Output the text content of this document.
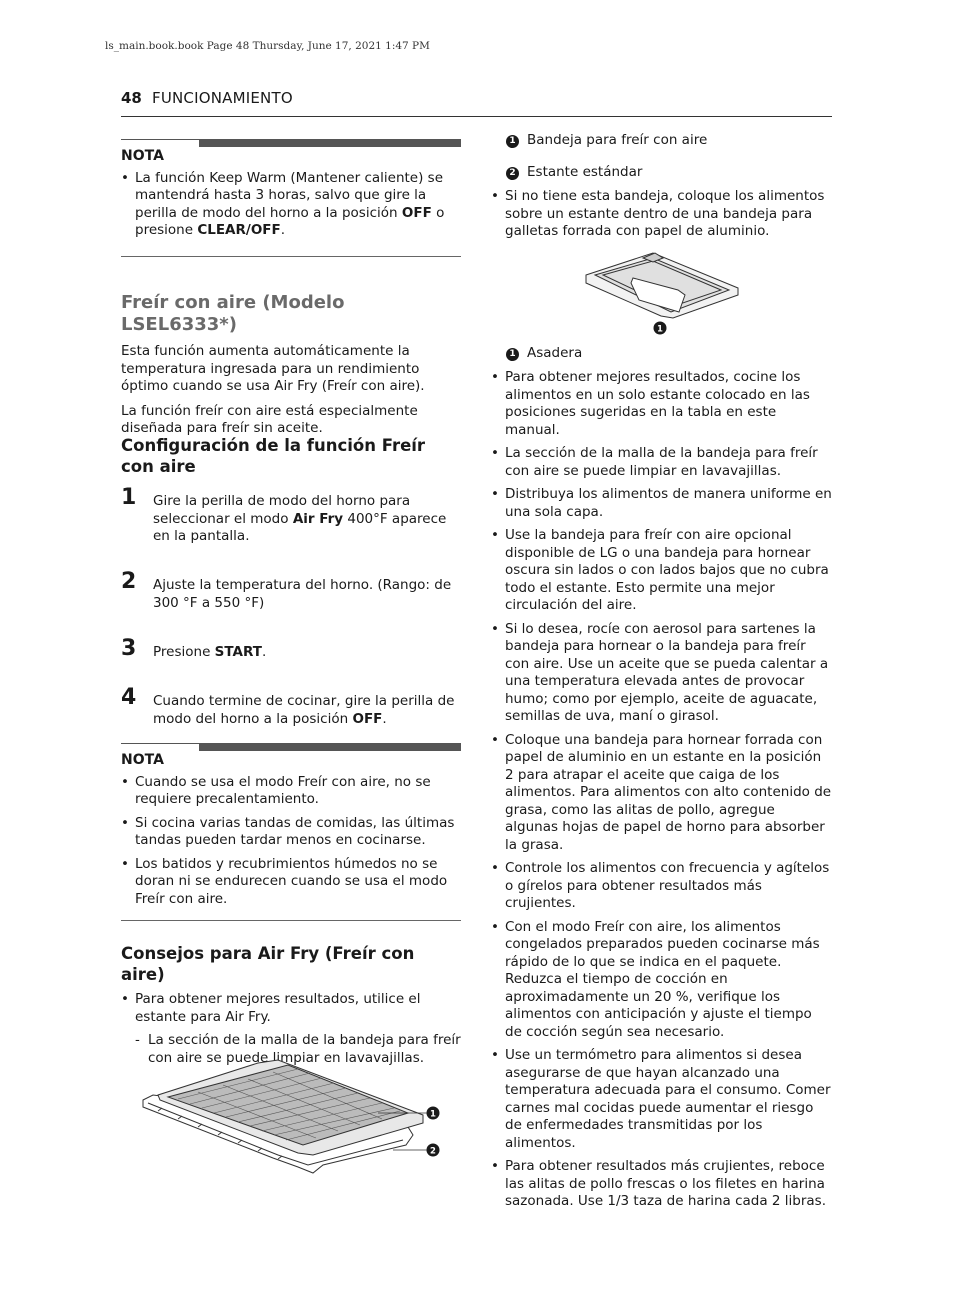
ls_main.book.book Page 48 Thursday, June 17, 2021 1:47 PM
48 FUNCIONAMIENTO
NOTA
• La función Keep Warm (Mantener caliente) se mantendrá hasta 3 horas, salvo que gire la perilla de modo del horno a la posición OFF o presione CLEAR/OFF.
Freír con aire (Modelo LSEL6333*)

Esta función aumenta automáticamente la temperatura ingresada para un rendimiento óptimo cuando se usa Air Fry (Freír con aire).

La función freír con aire está especialmente diseñada para freír sin aceite.

Configuración de la función Freír con aire
1 Gire la perilla de modo del horno para seleccionar el modo Air Fry 400°F aparece en la pantalla.
2 Ajuste la temperatura del horno. (Rango: de 300 °F a 550 °F)
3 Presione START.
4 Cuando termine de cocinar, gire la perilla de modo del horno a la posición OFF.
NOTA
• Cuando se usa el modo Freír con aire, no se requiere precalentamiento.
• Si cocina varias tandas de comidas, las últimas tandas pueden tardar menos en cocinarse.
• Los batidos y recubrimientos húmedos no se doran ni se endurecen cuando se usa el modo Freír con aire.
Consejos para Air Fry (Freír con aire)
• Para obtener mejores resultados, utilice el estante para Air Fry.
- La sección de la malla de la bandeja para freír con aire se puede limpiar en lavavajillas.
1
2
1 Bandeja para freír con aire
2 Estante estándar
• Si no tiene esta bandeja, coloque los alimentos sobre un estante dentro de una bandeja para galletas forrada con papel de aluminio.
1
1 Asadera
• Para obtener mejores resultados, cocine los alimentos en un solo estante colocado en las posiciones sugeridas en la tabla en este manual.
• La sección de la malla de la bandeja para freír con aire se puede limpiar en lavavajillas.
• Distribuya los alimentos de manera uniforme en una sola capa.
• Use la bandeja para freír con aire opcional disponible de LG o una bandeja para hornear oscura sin lados o con lados bajos que no cubra todo el estante. Esto permite una mejor circulación del aire.
• Si lo desea, rocíe con aerosol para sartenes la bandeja para hornear o la bandeja para freír con aire. Use un aceite que se pueda calentar a una temperatura elevada antes de provocar humo; como por ejemplo, aceite de aguacate, semillas de uva, maní o girasol.
• Coloque una bandeja para hornear forrada con papel de aluminio en un estante en la posición 2 para atrapar el aceite que caiga de los alimentos. Para alimentos con alto contenido de grasa, como las alitas de pollo, agregue algunas hojas de papel de horno para absorber la grasa.
• Controle los alimentos con frecuencia y agítelos o gírelos para obtener resultados más crujientes.
• Con el modo Freír con aire, los alimentos congelados preparados pueden cocinarse más rápido de lo que se indica en el paquete. Reduzca el tiempo de cocción en aproximadamente un 20 %, verifique los alimentos con anticipación y ajuste el tiempo de cocción según sea necesario.
• Use un termómetro para alimentos si desea asegurarse de que hayan alcanzado una temperatura adecuada para el consumo. Comer carnes mal cocidas puede aumentar el riesgo de enfermedades transmitidas por los alimentos.
• Para obtener resultados más crujientes, reboce las alitas de pollo frescas o los filetes en harina sazonada. Use 1/3 taza de harina cada 2 libras.
